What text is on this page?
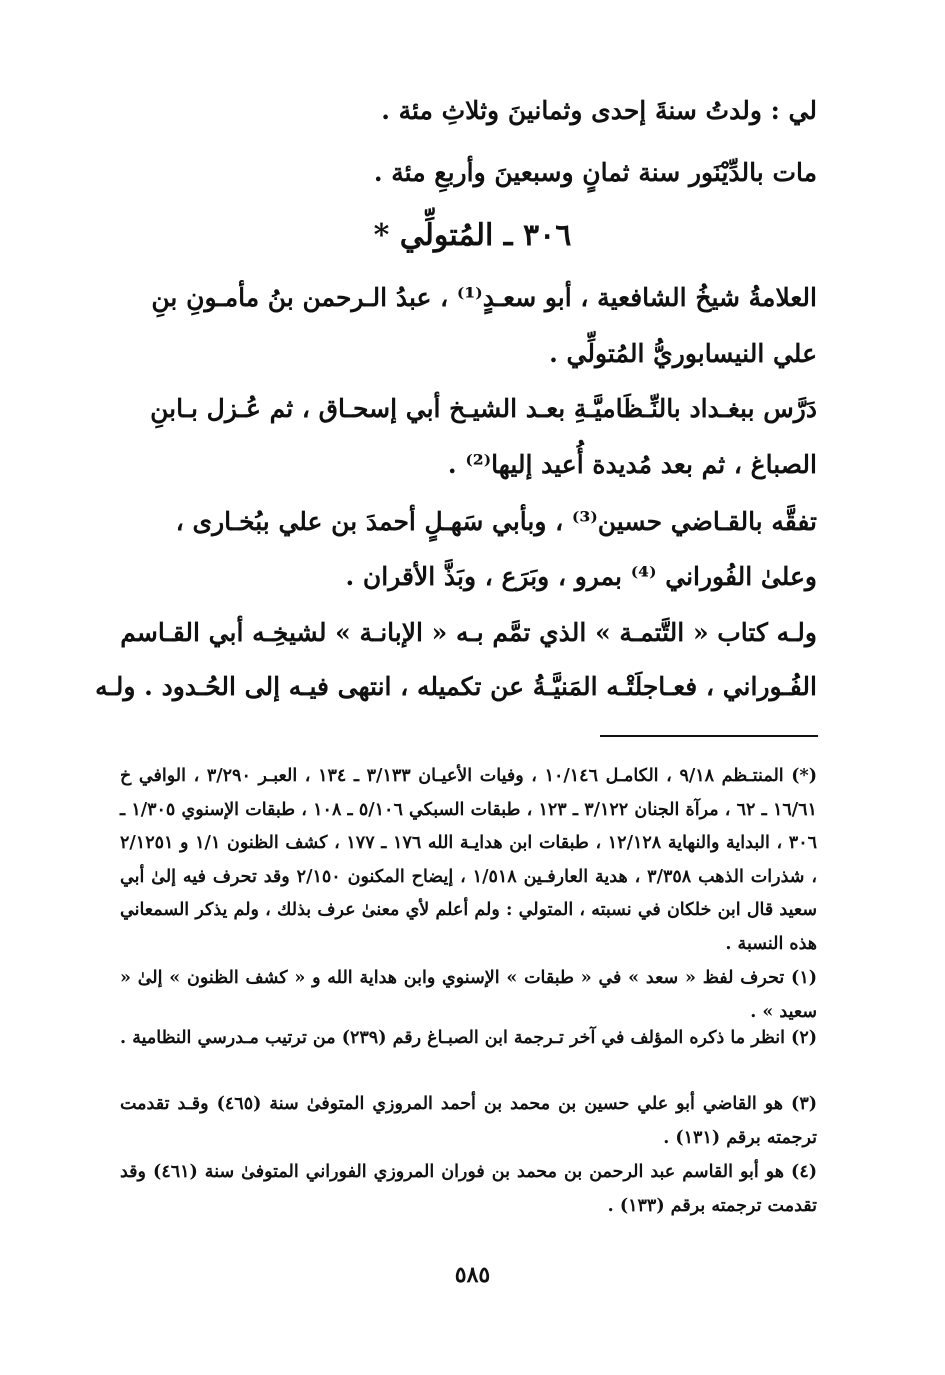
لي : ولدتُ سنةَ إحدى وثمانينَ وثلاثِ مئة .
مات بالدِّيْنَور سنة ثمانٍ وسبعينَ وأربعِ مئة .
٣٠٦ ـ المُتولِّي *
العلامةُ شيخُ الشافعية ، أبو سعـدٍ⁽¹⁾ ، عبدُ الـرحمن بنُ مأمـونِ بنِ
علي النيسابوريُّ المُتولِّي .
دَرَّس ببغـداد بالنِّـظَاميَّـةِ بعـد الشيـخ أبي إسحـاق ، ثم عُـزل بـابنِ
الصباغ ، ثم بعد مُديدة أُعيد إليها⁽²⁾ .
تفقَّه بالقـاضي حسين⁽³⁾ ، وبأبي سَهـلٍ أحمدَ بن علي ببُخـارى ،
وعلىٰ الفُوراني ⁽⁴⁾ بمرو ، وبَرَع ، وبَذَّ الأقران .
ولـه كتاب « التَّتمـة » الذي تمَّم بـه « الإبانـة » لشيخِـه أبي القـاسم
الفُـوراني ، فعـاجلَتْـه المَنيَّـةُ عن تكميله ، انتهى فيـه إلى الحُـدود . ولـه
(*) المنتـظم ٩/١٨ ، الكامـل ١٠/١٤٦ ، وفيات الأعيـان ٣/١٣٣ ـ ١٣٤ ، العبـر ٣/٢٩٠ ، الوافي خ ١٦/٦١ ـ ٦٢ ، مرآة الجنان ٣/١٢٢ ـ ١٢٣ ، طبقات السبكي ٥/١٠٦ ـ ١٠٨ ، طبقات الإسنوي ١/٣٠٥ ـ ٣٠٦ ، البداية والنهاية ١٢/١٢٨ ، طبقات ابن هدايـة الله ١٧٦ ـ ١٧٧ ، كشف الظنون ١/١ و ٢/١٢٥١ ، شذرات الذهب ٣/٣٥٨ ، هدية العارفـين ١/٥١٨ ، إيضاح المكنون ٢/١٥٠ وقد تحرف فيه إلىٰ أبي سعيد قال ابن خلكان في نسبته ، المتولي : ولم أعلم لأي معنىٰ عرف بذلك ، ولم يذكر السمعاني هذه النسبة .
(١) تحرف لفظ « سعد » في « طبقات » الإسنوي وابن هداية الله و « كشف الظنون » إلىٰ « سعيد » .
(٢) انظر ما ذكره المؤلف في آخر تـرجمة ابن الصبـاغ رقم (٢٣٩) من ترتيب مـدرسي النظامية .
(٣) هو القاضي أبو علي حسين بن محمد بن أحمد المروزي المتوفىٰ سنة (٤٦٥) وقـد تقدمت ترجمته برقم (١٣١) .
(٤) هو أبو القاسم عبد الرحمن بن محمد بن فوران المروزي الفوراني المتوفىٰ سنة (٤٦١) وقد تقدمت ترجمته برقم (١٣٣) .
٥٨٥
